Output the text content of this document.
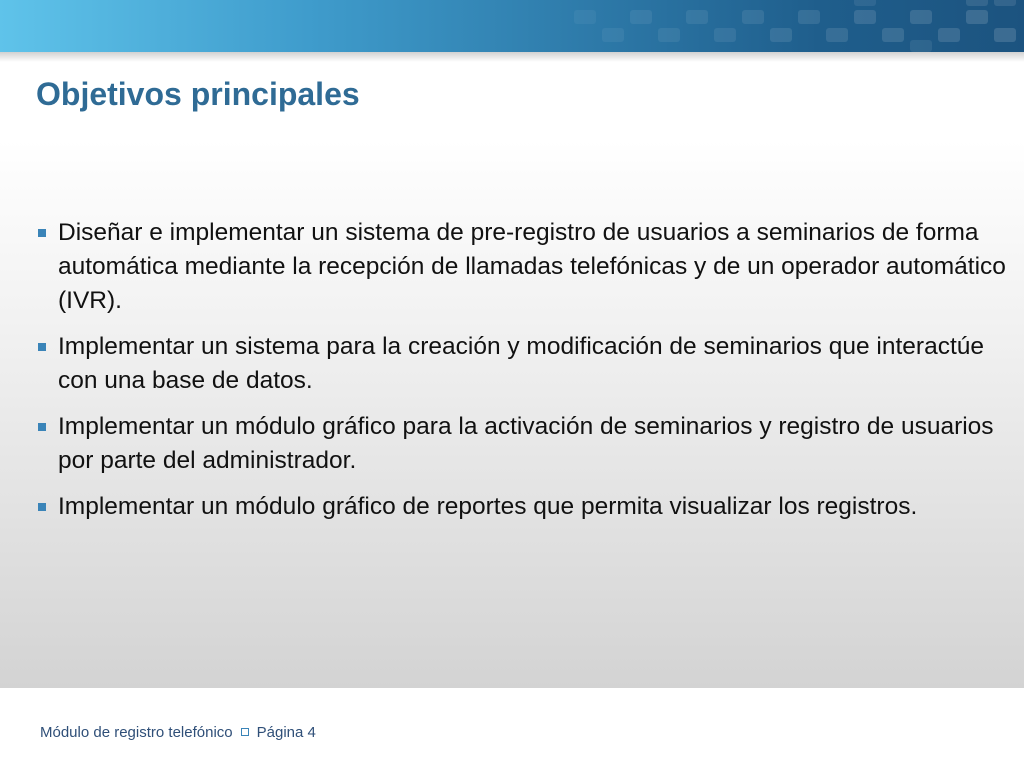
Objetivos principales
Diseñar e implementar un sistema de pre-registro de usuarios a seminarios de forma automática mediante la recepción de llamadas telefónicas y de un operador automático (IVR).
Implementar un sistema para la creación y modificación de seminarios que interactúe con una base de datos.
Implementar un módulo gráfico para la activación de seminarios y registro de usuarios por parte del administrador.
Implementar un módulo gráfico de reportes que permita visualizar los registros.
Módulo de registro telefónico Página 4
